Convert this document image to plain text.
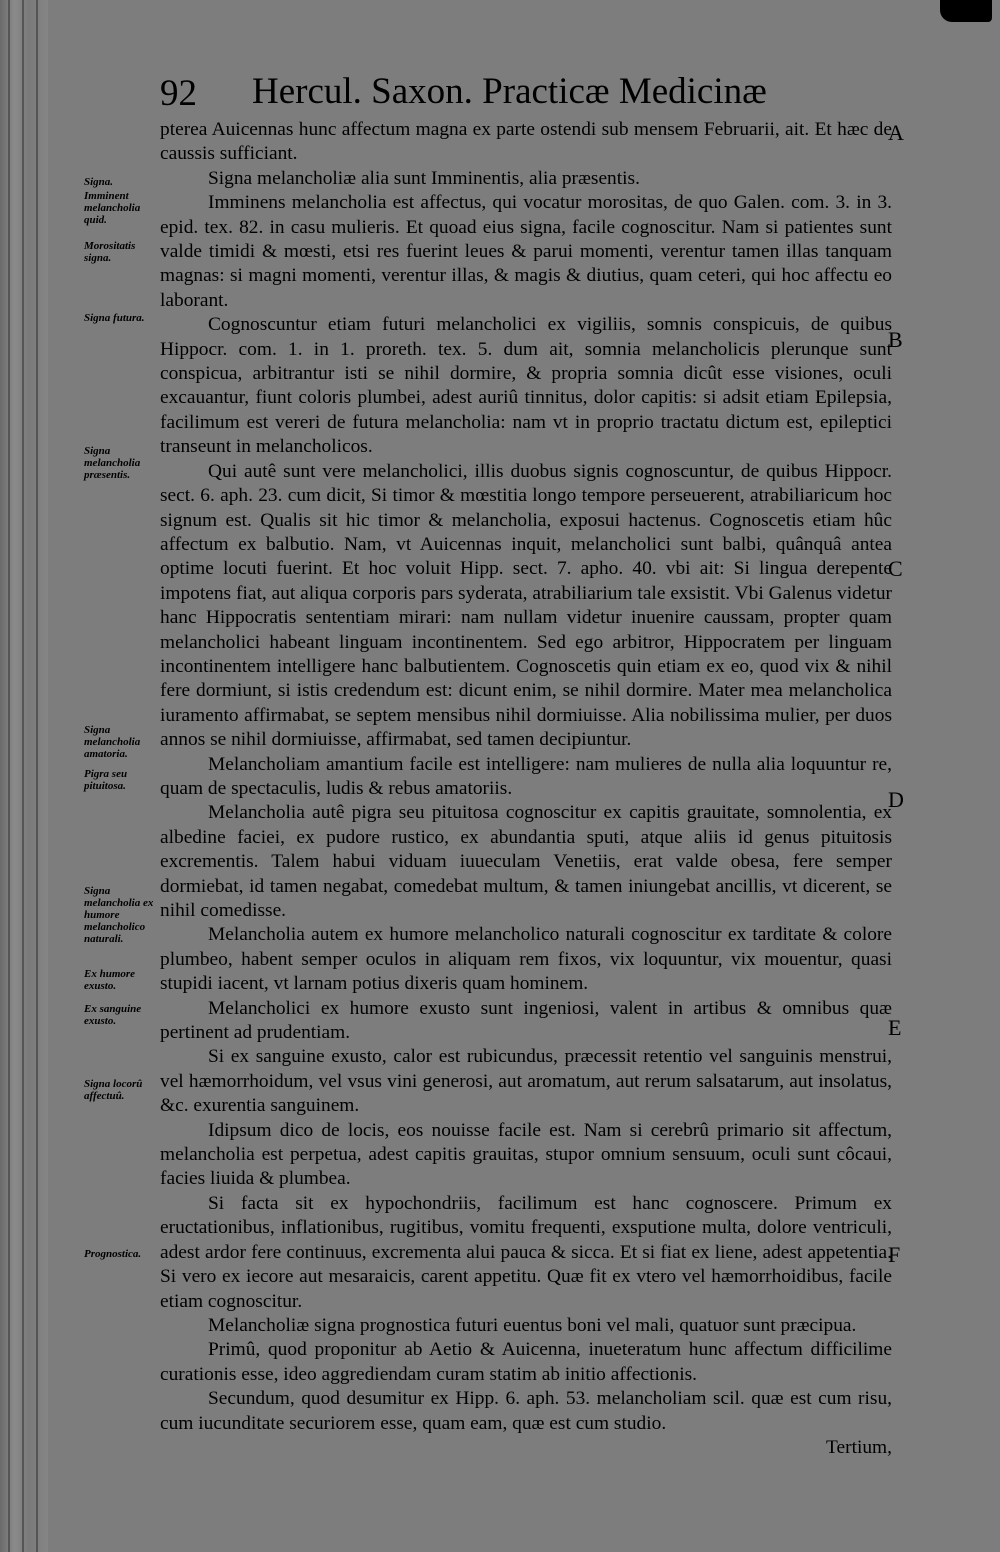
92 Hercul. Saxon. Practicæ Medicinæ

pterea Auicennas hunc affectum magna ex parte ostendi sub mensem Februarii, ait. Et hæc de caussis sufficiant.

Signa melancholiæ alia sunt Imminentis, alia præsentis.

Imminens melancholia est affectus, qui vocatur morositas, de quo Galen. com. 3. in 3. epid. tex. 82. in casu mulieris. Et quoad eius signa, facile cognoscitur. Nam si patientes sunt valde timidi & mœsti, etsi res fuerint leues & parui momenti, verentur tamen illas tanquam magnas: si magni momenti, verentur illas, & magis & diutius, quam ceteri, qui hoc affectu eo laborant.

Cognoscuntur etiam futuri melancholici ex vigiliis, somnis conspicuis, de quibus Hippocr. com. 1. in 1. proreth. tex. 5. dum ait, somnia melancholicis plerunque sunt conspicua, arbitrantur isti se nihil dormire, & propria somnia dicût esse visiones, oculi excauantur, fiunt coloris plumbei, adest auriû tinnitus, dolor capitis: si adsit etiam Epilepsia, facilimum est vereri de futura melancholia: nam vt in proprio tractatu dictum est, epileptici transeunt in melancholicos.

Qui autê sunt vere melancholici, illis duobus signis cognoscuntur, de quibus Hippocr. sect. 6. aph. 23. cum dicit, Si timor & mœstitia longo tempore perseuerent, atrabiliaricum hoc signum est. Qualis sit hic timor & melancholia, exposui hactenus. Cognoscetis etiam hûc affectum ex balbutio. Nam, vt Auicennas inquit, melancholici sunt balbi, quânquâ antea optime locuti fuerint. Et hoc voluit Hipp. sect. 7. apho. 40. vbi ait: Si lingua derepente impotens fiat, aut aliqua corporis pars syderata, atrabiliarium tale exsistit. Vbi Galenus videtur hanc Hippocratis sententiam mirari: nam nullam videtur inuenire caussam, propter quam melancholici habeant linguam incontinentem. Sed ego arbitror, Hippocratem per linguam incontinentem intelligere hanc balbutientem. Cognoscetis quin etiam ex eo, quod vix & nihil fere dormiunt, si istis credendum est: dicunt enim, se nihil dormire. Mater mea melancholica iuramento affirmabat, se septem mensibus nihil dormiuisse. Alia nobilissima mulier, per duos annos se nihil dormiuisse, affirmabat, sed tamen decipiuntur.

Melancholiam amantium facile est intelligere: nam mulieres de nulla alia loquuntur re, quam de spectaculis, ludis & rebus amatoriis.

Melancholia autê pigra seu pituitosa cognoscitur ex capitis grauitate, somnolentia, ex albedine faciei, ex pudore rustico, ex abundantia sputi, atque aliis id genus pituitosis excrementis. Talem habui viduam iuueculam Venetiis, erat valde obesa, fere semper dormiebat, id tamen negabat, comedebat multum, & tamen iniungebat ancillis, vt dicerent, se nihil comedisse.

Melancholia autem ex humore melancholico naturali cognoscitur ex tarditate & colore plumbeo, habent semper oculos in aliquam rem fixos, vix loquuntur, vix mouentur, quasi stupidi iacent, vt larnam potius dixeris quam hominem.

Melancholici ex humore exusto sunt ingeniosi, valent in artibus & omnibus quæ pertinent ad prudentiam.

Si ex sanguine exusto, calor est rubicundus, præcessit retentio vel sanguinis menstrui, vel hæmorrhoidum, vel vsus vini generosi, aut aromatum, aut rerum salsatarum, aut insolatus, &c. exurentia sanguinem.

Idipsum dico de locis, eos nouisse facile est. Nam si cerebrû primario sit affectum, melancholia est perpetua, adest capitis grauitas, stupor omnium sensuum, oculi sunt côcaui, facies liuida & plumbea.

Si facta sit ex hypochondriis, facilimum est hanc cognoscere. Primum ex eructationibus, inflationibus, rugitibus, vomitu frequenti, exsputione multa, dolore ventriculi, adest ardor fere continuus, excrementa alui pauca & sicca. Et si fiat ex liene, adest appetentia. Si vero ex iecore aut mesaraicis, carent appetitu. Quæ fit ex vtero vel hæmorrhoidibus, facile etiam cognoscitur.

Melancholiæ signa prognostica futuri euentus boni vel mali, quatuor sunt præcipua.

Primû, quod proponitur ab Aetio & Auicenna, inueteratum hunc affectum difficilime curationis esse, ideo aggrediendam curam statim ab initio affectionis.

Secundum, quod desumitur ex Hipp. 6. aph. 53. melancholiam scil. quæ est cum risu, cum iucunditate securiorem esse, quam eam, quæ est cum studio.

Tertium,

Signa.
Imminent melancholia quid.
Morositatis signa.
Signa futura.
Signa melancholia præsentis.
Signa melancholia amatoria.
Pigra seu pituitosa.
Signa melancholia ex humore melancholico naturali.
Ex humore exusto.
Ex sanguine exusto.
Signa locorû affectuû.
Prognostica.
A
B
C
D
E
F
